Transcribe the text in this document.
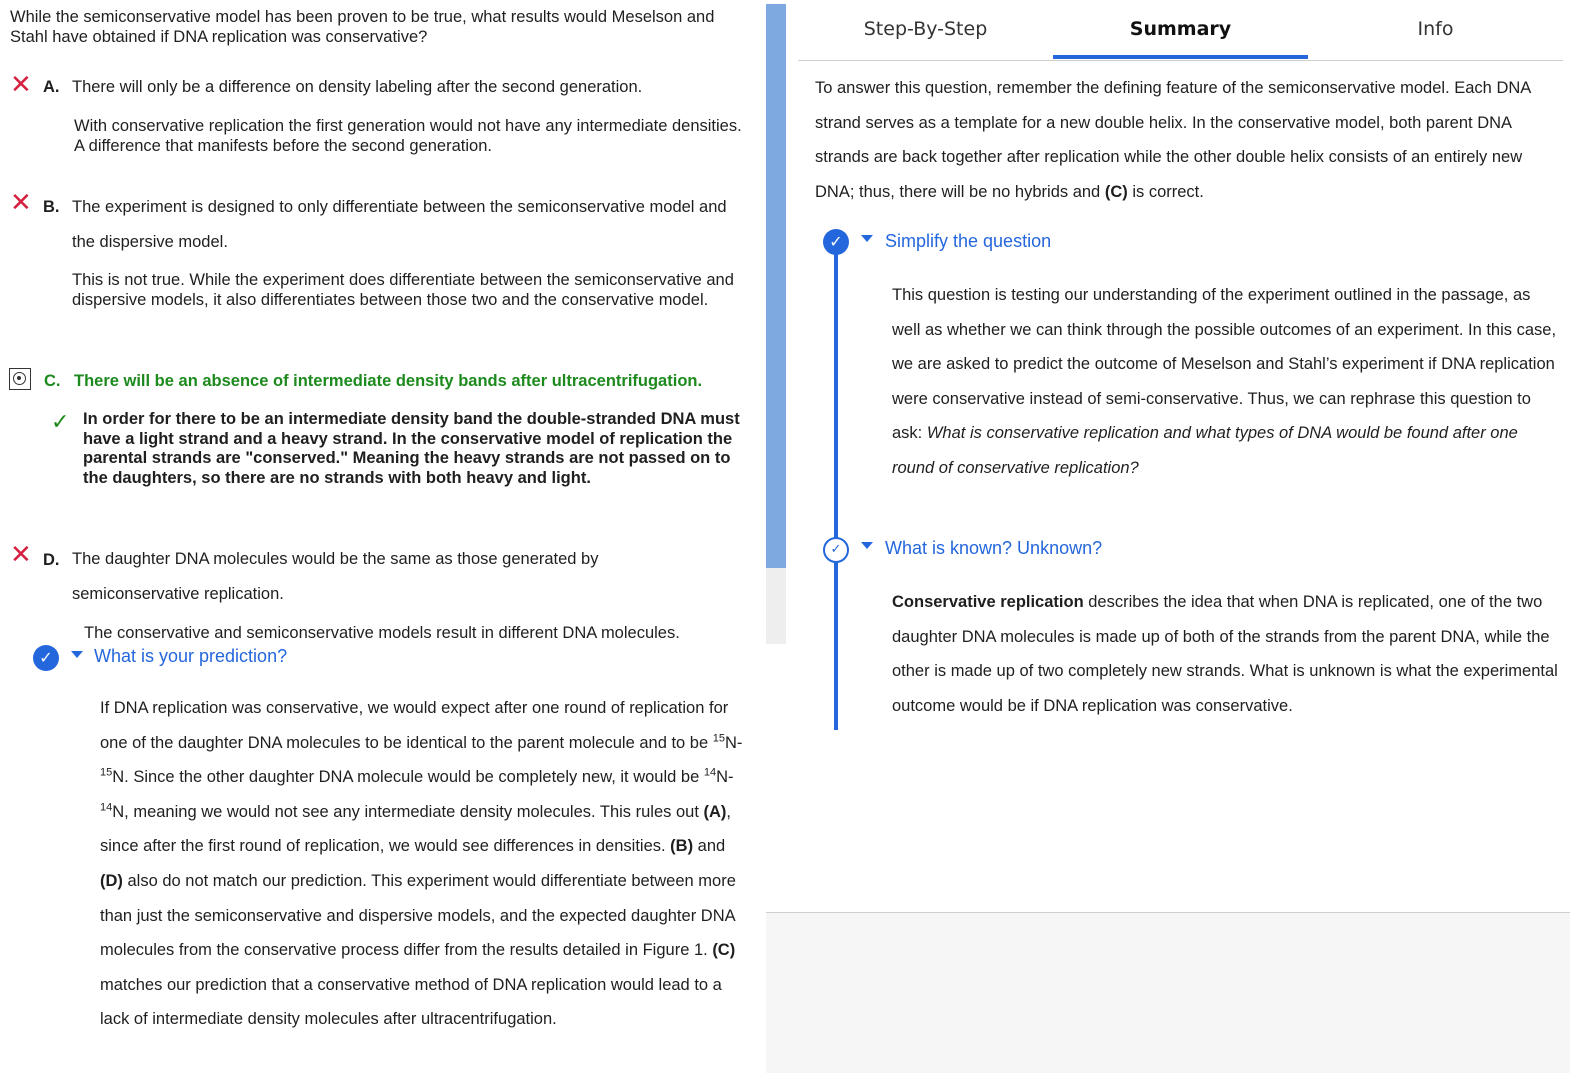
While the semiconservative model has been proven to be true, what results would Meselson and Stahl have obtained if DNA replication was conservative?
✕ A. There will only be a difference on density labeling after the second generation.
With conservative replication the first generation would not have any intermediate densities. A difference that manifests before the second generation.
✕ B. The experiment is designed to only differentiate between the semiconservative model and the dispersive model.
This is not true. While the experiment does differentiate between the semiconservative and dispersive models, it also differentiates between those two and the conservative model.
C. There will be an absence of intermediate density bands after ultracentrifugation.
✓ In order for there to be an intermediate density band the double-stranded DNA must have a light strand and a heavy strand. In the conservative model of replication the parental strands are "conserved." Meaning the heavy strands are not passed on to the daughters, so there are no strands with both heavy and light.
✕ D. The daughter DNA molecules would be the same as those generated by semiconservative replication.
The conservative and semiconservative models result in different DNA molecules.
✓	What is your prediction?
If DNA replication was conservative, we would expect after one round of replication for one of the daughter DNA molecules to be identical to the parent molecule and to be $^{15}$N-$^{15}$N. Since the other daughter DNA molecule would be completely new, it would be $^{14}$N-$^{14}$N, meaning we would not see any intermediate density molecules. This rules out (A), since after the first round of replication, we would see differences in densities. (B) and (D) also do not match our prediction. This experiment would differentiate between more than just the semiconservative and dispersive models, and the expected daughter DNA molecules from the conservative process differ from the results detailed in Figure 1. (C) matches our prediction that a conservative method of DNA replication would lead to a lack of intermediate density molecules after ultracentrifugation.
Step-By-Step	Summary	Info
To answer this question, remember the defining feature of the semiconservative model. Each DNA strand serves as a template for a new double helix. In the conservative model, both parent DNA strands are back together after replication while the other double helix consists of an entirely new DNA; thus, there will be no hybrids and (C) is correct.
✓	Simplify the question
This question is testing our understanding of the experiment outlined in the passage, as well as whether we can think through the possible outcomes of an experiment. In this case, we are asked to predict the outcome of Meselson and Stahl’s experiment if DNA replication were conservative instead of semi-conservative. Thus, we can rephrase this question to ask: What is conservative replication and what types of DNA would be found after one round of conservative replication?
✓	What is known? Unknown?
Conservative replication describes the idea that when DNA is replicated, one of the two daughter DNA molecules is made up of both of the strands from the parent DNA, while the other is made up of two completely new strands. What is unknown is what the experimental outcome would be if DNA replication was conservative.
